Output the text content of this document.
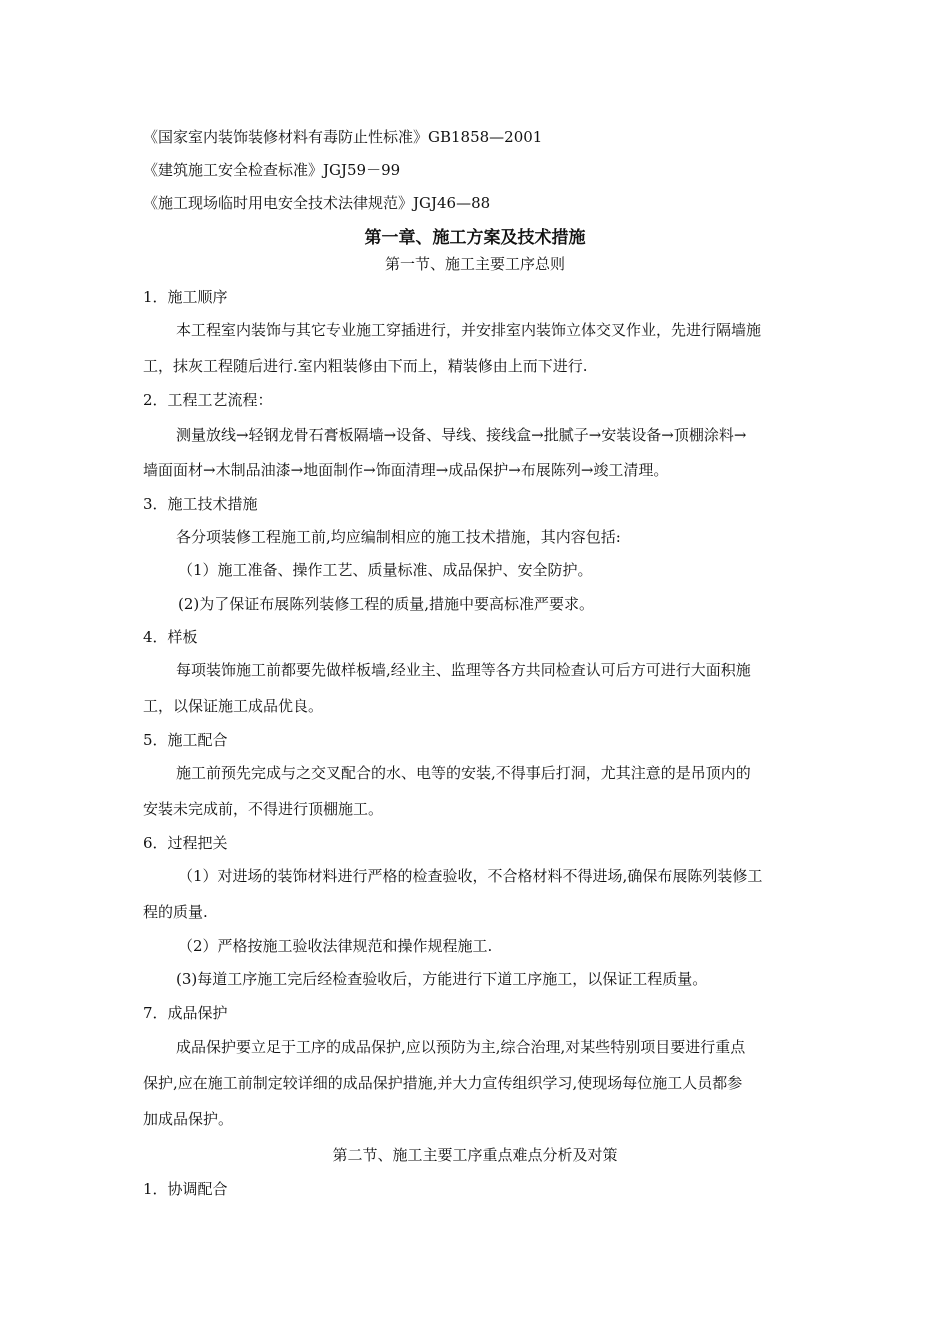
《国家室内装饰装修材料有毒防止性标准》GB1858—2001
《建筑施工安全检查标准》JGJ59－99
《施工现场临时用电安全技术法律规范》JGJ46—88
第一章、施工方案及技术措施
第一节、施工主要工序总则
1．施工顺序
本工程室内装饰与其它专业施工穿插进行，并安排室内装饰立体交叉作业，先进行隔墙施
工，抹灰工程随后进行.室内粗装修由下而上，精装修由上而下进行.
2．工程工艺流程：
测量放线→轻钢龙骨石膏板隔墙→设备、导线、接线盒→批腻子→安装设备→顶棚涂料→
墙面面材→木制品油漆→地面制作→饰面清理→成品保护→布展陈列→竣工清理。
3．施工技术措施
各分项装修工程施工前,均应编制相应的施工技术措施，其内容包括:
（1）施工准备、操作工艺、质量标准、成品保护、安全防护。
(2)为了保证布展陈列装修工程的质量,措施中要高标准严要求。
4．样板
每项装饰施工前都要先做样板墙,经业主、监理等各方共同检查认可后方可进行大面积施
工，以保证施工成品优良。
5．施工配合
施工前预先完成与之交叉配合的水、电等的安装,不得事后打洞，尤其注意的是吊顶内的
安装未完成前，不得进行顶棚施工。
6．过程把关
（1）对进场的装饰材料进行严格的检查验收，不合格材料不得进场,确保布展陈列装修工
程的质量.
（2）严格按施工验收法律规范和操作规程施工.
(3)每道工序施工完后经检查验收后，方能进行下道工序施工，以保证工程质量。
7．成品保护
成品保护要立足于工序的成品保护,应以预防为主,综合治理,对某些特别项目要进行重点
保护,应在施工前制定较详细的成品保护措施,并大力宣传组织学习,使现场每位施工人员都参
加成品保护。
第二节、施工主要工序重点难点分析及对策
1．协调配合
